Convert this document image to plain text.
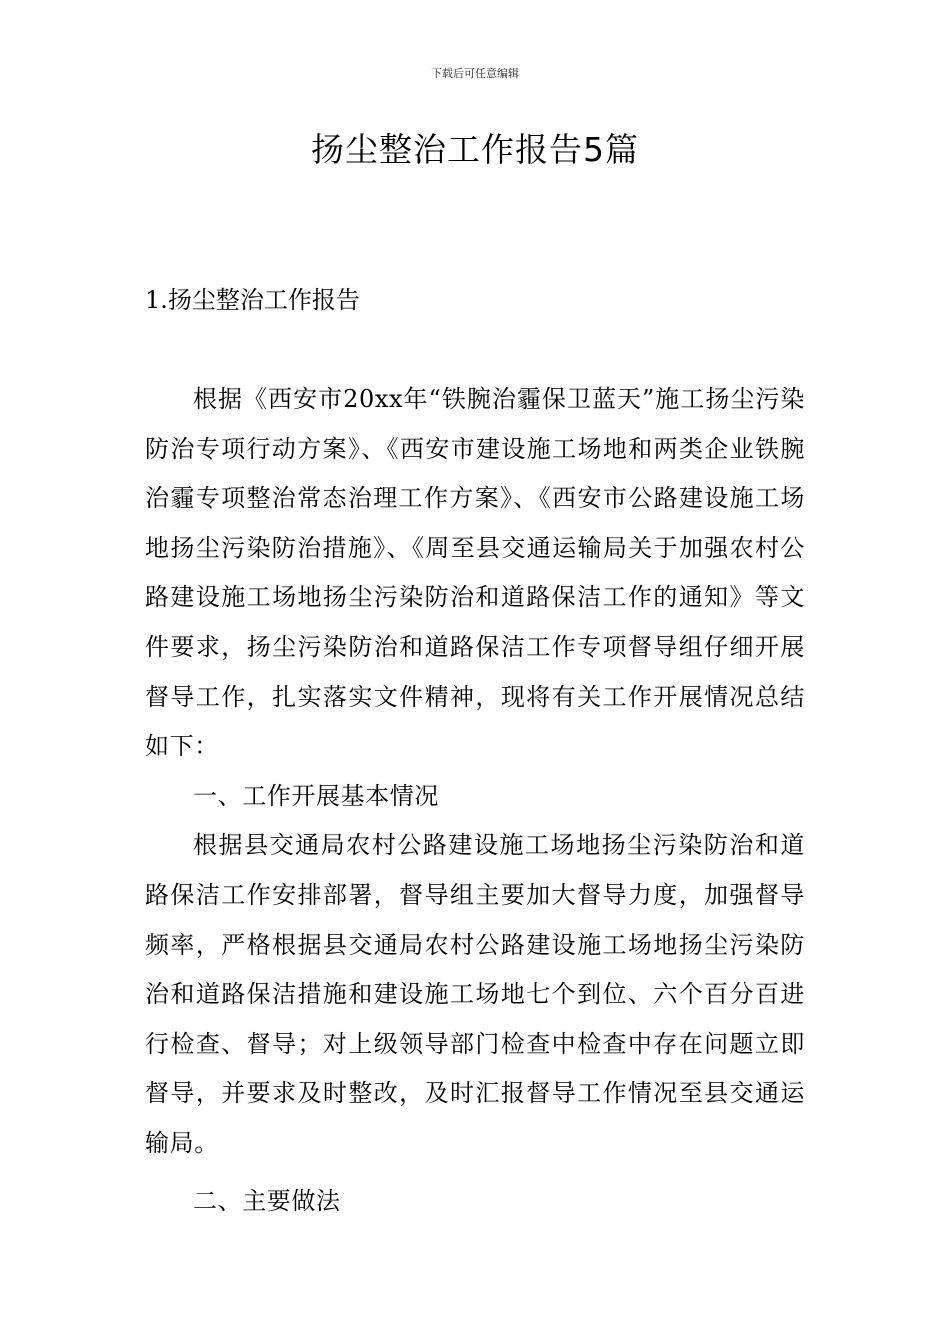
下载后可任意编辑
扬尘整治工作报告5篇
1.扬尘整治工作报告

根据《西安市20xx年“铁腕治霾保卫蓝天”施工扬尘污染防治专项行动方案》、《西安市建设施工场地和两类企业铁腕治霾专项整治常态治理工作方案》、《西安市公路建设施工场地扬尘污染防治措施》、《周至县交通运输局关于加强农村公路建设施工场地扬尘污染防治和道路保洁工作的通知》等文件要求，扬尘污染防治和道路保洁工作专项督导组仔细开展督导工作，扎实落实文件精神，现将有关工作开展情况总结如下：

一、工作开展基本情况

根据县交通局农村公路建设施工场地扬尘污染防治和道路保洁工作安排部署，督导组主要加大督导力度，加强督导频率，严格根据县交通局农村公路建设施工场地扬尘污染防治和道路保洁措施和建设施工场地七个到位、六个百分百进行检查、督导；对上级领导部门检查中检查中存在问题立即督导，并要求及时整改，及时汇报督导工作情况至县交通运输局。

二、主要做法
